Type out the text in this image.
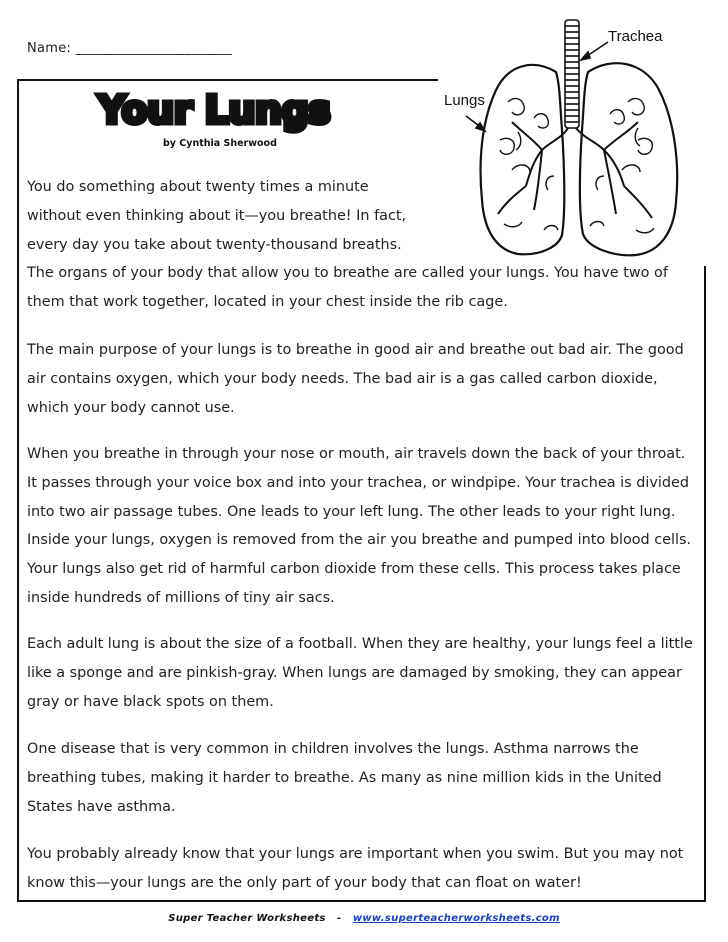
Name: _______________________
Your Lungs
by Cynthia Sherwood
Trachea
Lungs
You do something about twenty times a minute
without even thinking about it—you breathe! In fact,
every day you take about twenty-thousand breaths.

The organs of your body that allow you to breathe are called your lungs. You have two of them that work together, located in your chest inside the rib cage.

The main purpose of your lungs is to breathe in good air and breathe out bad air. The good air contains oxygen, which your body needs. The bad air is a gas called carbon dioxide, which your body cannot use.

When you breathe in through your nose or mouth, air travels down the back of your throat. It passes through your voice box and into your trachea, or windpipe. Your trachea is divided into two air passage tubes. One leads to your left lung. The other leads to your right lung. Inside your lungs, oxygen is removed from the air you breathe and pumped into blood cells. Your lungs also get rid of harmful carbon dioxide from these cells. This process takes place inside hundreds of millions of tiny air sacs.

Each adult lung is about the size of a football. When they are healthy, your lungs feel a little like a sponge and are pinkish-gray. When lungs are damaged by smoking, they can appear gray or have black spots on them.

One disease that is very common in children involves the lungs. Asthma narrows the breathing tubes, making it harder to breathe. As many as nine million kids in the United States have asthma.

You probably already know that your lungs are important when you swim. But you may not know this—your lungs are the only part of your body that can float on water!

Super Teacher Worksheets - www.superteacherworksheets.com
